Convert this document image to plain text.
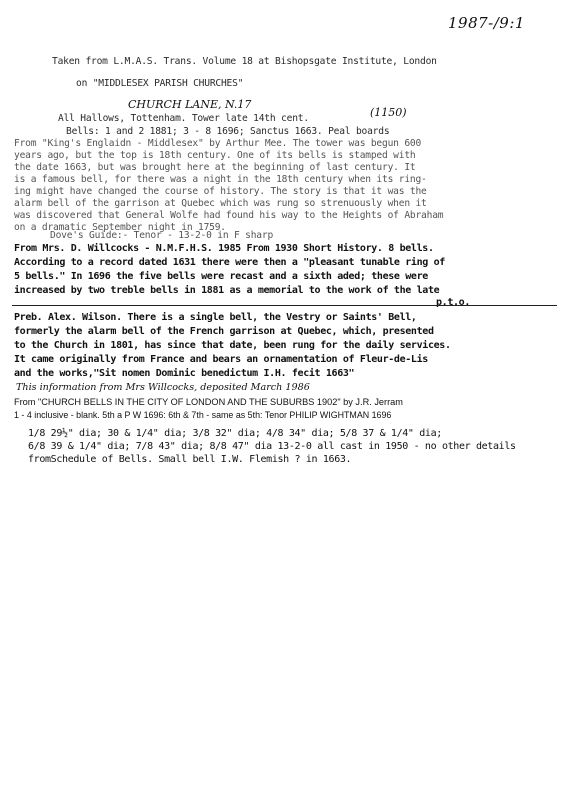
1987-/9:1
Taken from L.M.A.S. Trans. Volume 18 at Bishopsgate Institute, London
on "MIDDLESEX PARISH CHURCHES"
CHURCH LANE, N.17
(1150)
All Hallows, Tottenham. Tower late 14th cent.
Bells: 1 and 2 1881; 3 - 8 1696; Sanctus 1663. Peal boards
From "King's Englaidn - Middlesex" by Arthur Mee. The tower was begun 600
years ago, but the top is 18th century. One of its bells is stamped with
the date 1663, but was brought here at the beginning of last century. It
is a famous bell, for there was a night in the 18th century when its ring-
ing might have changed the course of history. The story is that it was the
alarm bell of the garrison at Quebec which was rung so strenuously when it
was discovered that General Wolfe had found his way to the Heights of Abraham
on a dramatic September night in 1759.
Dove's Guide:- Tenor - 13-2-0 in F sharp
From Mrs. D. Willcocks - N.M.F.H.S. 1985 From 1930 Short History. 8 bells.
According to a record dated 1631 there were then a "pleasant tunable ring of
5 bells." In 1696 the five bells were recast and a sixth aded; these were
increased by two treble bells in 1881 as a memorial to the work of the late
p.t.o.
Preb. Alex. Wilson. There is a single bell, the Vestry or Saints' Bell,
formerly the alarm bell of the French garrison at Quebec, which, presented
to the Church in 1801, has since that date, been rung for the daily services.
It came originally from France and bears an ornamentation of Fleur-de-Lis
and the works,"Sit nomen Dominic benedictum I.H. fecit 1663"
This information from Mrs Willcocks, deposited March 1986
From "CHURCH BELLS IN THE CITY OF LONDON AND THE SUBURBS 1902" by J.R. Jerram
1 - 4 inclusive - blank. 5th a P W 1696: 6th & 7th - same as 5th: Tenor PHILIP WIGHTMAN 1696
1/8 29½" dia; 30 & 1/4" dia; 3/8 32" dia; 4/8 34" dia; 5/8 37 & 1/4" dia;
6/8 39 & 1/4" dia; 7/8 43" dia; 8/8 47" dia 13-2-0 all cast in 1950 - no other details
fromSchedule of Bells. Small bell I.W. Flemish ? in 1663.
